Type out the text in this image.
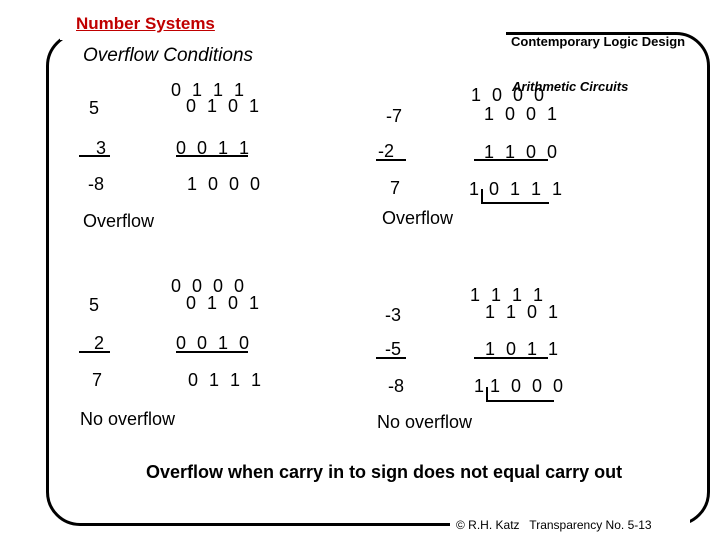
Number Systems

Contemporary Logic Design

Arithmetic Circuits

Overflow Conditions
0 1 1 1
5	0 1 0 1
3	0 0 1 1
-8	1 0 0 0
Overflow
1 0 0 0
-7	1 0 0 1
-2	1 1 0 0
7	1 0 1 1 1
Overflow
0 0 0 0
5	0 1 0 1
2	0 0 1 0
7	0 1 1 1
No overflow
1 1 1 1
-3	1 1 0 1
-5	1 0 1 1
-8	1 1 0 0 0
No overflow
Overflow when carry in to sign does not equal carry out
© R.H. Katz   Transparency No. 5-13
